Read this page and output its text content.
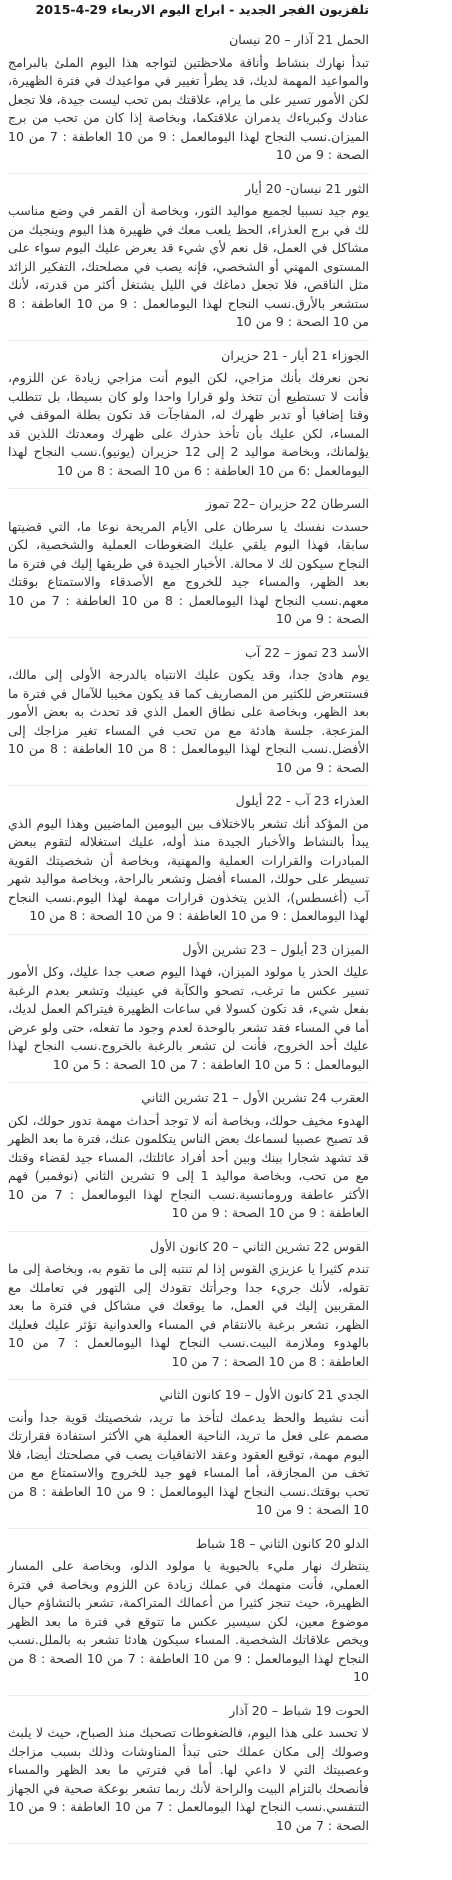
تلفزيون الفجر الجديد - ابراج اليوم الاربعاء 29-4-2015
الحمل 21 آذار – 20 نيسان

تبدأ نهارك بنشاط وأناقة ملاحظتين لتواجه هذا اليوم الملئ بالبرامج والمواعيد المهمة لديك، قد يطرأ تغيير في مواعيدك في فترة الظهيرة، لكن الأمور تسير على ما يرام، علاقتك بمن تحب ليست جيدة، فلا تجعل عنادك وكبرياءك يدمران علاقتكما، وبخاصة إذا كان من تحب من برج الميزان.نسب النجاح لهذا اليومالعمل : 9 من 10 العاطفة : 7 من 10 الصحة : 9 من 10

الثور 21 نيسان- 20 أيار

يوم جيد نسبيا لجميع مواليد الثور، وبخاصة أن القمر في وضع مناسب لك في برج العذراء، الحظ يلعب معك في ظهيرة هذا اليوم وينجيك من مشاكل في العمل، قل نعم لأي شيء قد يعرض عليك اليوم سواء على المستوى المهني أو الشخصي، فإنه يصب في مصلحتك، التفكير الزائد مثل الناقص، فلا تجعل دماغك في الليل يشتغل أكثر من قدرته، لأنك ستشعر بالأرق.نسب النجاح لهذا اليومالعمل : 9 من 10 العاطفة : 8 من 10 الصحة : 9 من 10

الجوزاء 21 أيار - 21 حزيران

نحن نعرفك بأنك مزاجي، لكن اليوم أنت مزاجي زيادة عن اللزوم، فأنت لا تستطيع أن تتخذ ولو قرارا واحدا ولو كان بسيطا، بل تتطلب وقتا إضافيا أو تدبر ظهرك له، المفاجآت قد تكون بطلة الموقف في المساء، لكن عليك بأن تأخذ حذرك على ظهرك ومعدتك اللذين قد يؤلمانك، وبخاصة مواليد 2 إلى 12 حزيران (يونيو).نسب النجاح لهذا اليومالعمل :6 من 10 العاطفة : 6 من 10 الصحة : 8 من 10

السرطان 22 حزيران –22 تموز

حسدت نفسك يا سرطان على الأيام المريحة نوعا ما، التي قضيتها سابقا، فهذا اليوم يلقي عليك الضغوطات العملية والشخصية، لكن النجاح سيكون لك لا محالة. الأخبار الجيدة في طريقها إليك في فترة ما بعد الظهر، والمساء جيد للخروج مع الأصدقاء والاستمتاع بوقتك معهم.نسب النجاح لهذا اليومالعمل : 8 من 10 العاطفة : 7 من 10 الصحة : 9 من 10

الأسد 23 تموز – 22 آب

يوم هادئ جدا، وقد يكون عليك الانتباه بالدرجة الأولى إلى مالك، فستتعرض للكثير من المصاريف كما قد يكون مخيبا للآمال في فترة ما بعد الظهر، وبخاصة على نطاق العمل الذي قد تحدث به بعض الأمور المزعجة. جلسة هادئة مع من تحب في المساء تغير مزاجك إلى الأفضل.نسب النجاح لهذا اليومالعمل : 8 من 10 العاطفة : 8 من 10 الصحة : 9 من 10

العذراء 23 آب - 22 أيلول

من المؤكد أنك تشعر بالاختلاف بين اليومين الماضيين وهذا اليوم الذي يبدأ بالنشاط والأخبار الجيدة منذ أوله، عليك استغلاله لتقوم ببعض المبادرات والقرارات العملية والمهنية، وبخاصة أن شخصيتك القوية تسيطر على حولك، المساء أفضل وتشعر بالراحة، وبخاصة مواليد شهر آب (أغسطس)، الذين يتخذون قرارات مهمة لهذا اليوم.نسب النجاح لهذا اليومالعمل : 9 من 10 العاطفة : 9 من 10 الصحة : 8 من 10

الميزان 23 أيلول – 23 تشرين الأول

عليك الحذر يا مولود الميزان، فهذا اليوم صعب جدا عليك، وكل الأمور تسير عكس ما ترغب، تصحو والكآبة في عينيك وتشعر بعدم الرغبة بفعل شيء، قد تكون كسولا في ساعات الظهيرة فيتراكم العمل لديك، أما في المساء فقد تشعر بالوحدة لعدم وجود ما تفعله، حتى ولو عرض عليك أحد الخروج، فأنت لن تشعر بالرغبة بالخروج.نسب النجاح لهذا اليومالعمل : 5 من 10 العاطفة : 7 من 10 الصحة : 5 من 10

العقرب 24 تشرين الأول – 21 تشرين الثاني

الهدوء مخيف حولك، وبخاصة أنه لا توجد أحداث مهمة تدور حولك، لكن قد تصبح عصبيا لسماعك بعض الناس يتكلمون عنك، فترة ما بعد الظهر قد تشهد شجارا بينك وبين أحد أفراد عائلتك، المساء جيد لقضاء وقتك مع من تحب، وبخاصة مواليد 1 إلى 9 تشرين الثاني (نوفمبر) فهم الأكثر عاطفة ورومانسية.نسب النجاح لهذا اليومالعمل : 7 من 10 العاطفة : 9 من 10 الصحة : 9 من 10

القوس 22 تشرين الثاني – 20 كانون الأول

تندم كثيرا يا عزيزي القوس إذا لم تنتبه إلى ما تقوم به، وبخاصة إلى ما تقوله، لأنك جريء جدا وجرأتك تقودك إلى التهور في تعاملك مع المقربين إليك في العمل، ما يوقعك في مشاكل في فترة ما بعد الظهر، تشعر برغبة بالانتقام في المساء والعدوانية تؤثر عليك فعليك بالهدوء وملازمة البيت.نسب النجاح لهذا اليومالعمل : 7 من 10 العاطفة : 8 من 10 الصحة : 7 من 10

الجدي 21 كانون الأول – 19 كانون الثاني

أنت نشيط والحظ يدعمك لتأخذ ما تريد، شخصيتك قوية جدا وأنت مصمم على فعل ما تريد، الناحية العملية هي الأكثر استفادة فقرارتك اليوم مهمة، توقيع العقود وعقد الاتفاقيات يصب في مصلحتك أيضا، فلا تخف من المجازفة، أما المساء فهو جيد للخروج والاستمتاع مع من تحب بوقتك.نسب النجاح لهذا اليومالعمل : 9 من 10 العاطفة : 8 من 10 الصحة : 9 من 10

الدلو 20 كانون الثاني – 18 شباط

ينتظرك نهار مليء بالحيوية يا مولود الدلو، وبخاصة على المسار العملي، فأنت منهمك في عملك زيادة عن اللزوم وبخاصة في فترة الظهيرة، حيث تنجز كثيرا من أعمالك المتراكمة، تشعر بالتشاؤم حيال موضوع معين، لكن سيسير عكس ما تتوقع في فترة ما بعد الظهر ويخص علاقاتك الشخصية. المساء سيكون هادئا تشعر به بالملل.نسب النجاح لهذا اليومالعمل : 9 من 10 العاطفة : 7 من 10 الصحة : 8 من 10

الحوت 19 شباط – 20 آذار

لا تحسد على هذا اليوم، فالضغوطات تصحبك منذ الصباح، حيث لا يلبث وصولك إلى مكان عملك حتى تبدأ المناوشات وذلك بسبب مزاجك وعصبيتك التي لا داعي لها. أما في فترتي ما بعد الظهر والمساء فأنصحك بالتزام البيت والراحة لأنك ربما تشعر بوعكة صحية في الجهاز التنفسي.نسب النجاح لهذا اليومالعمل : 7 من 10 العاطفة : 9 من 10 الصحة : 7 من 10
